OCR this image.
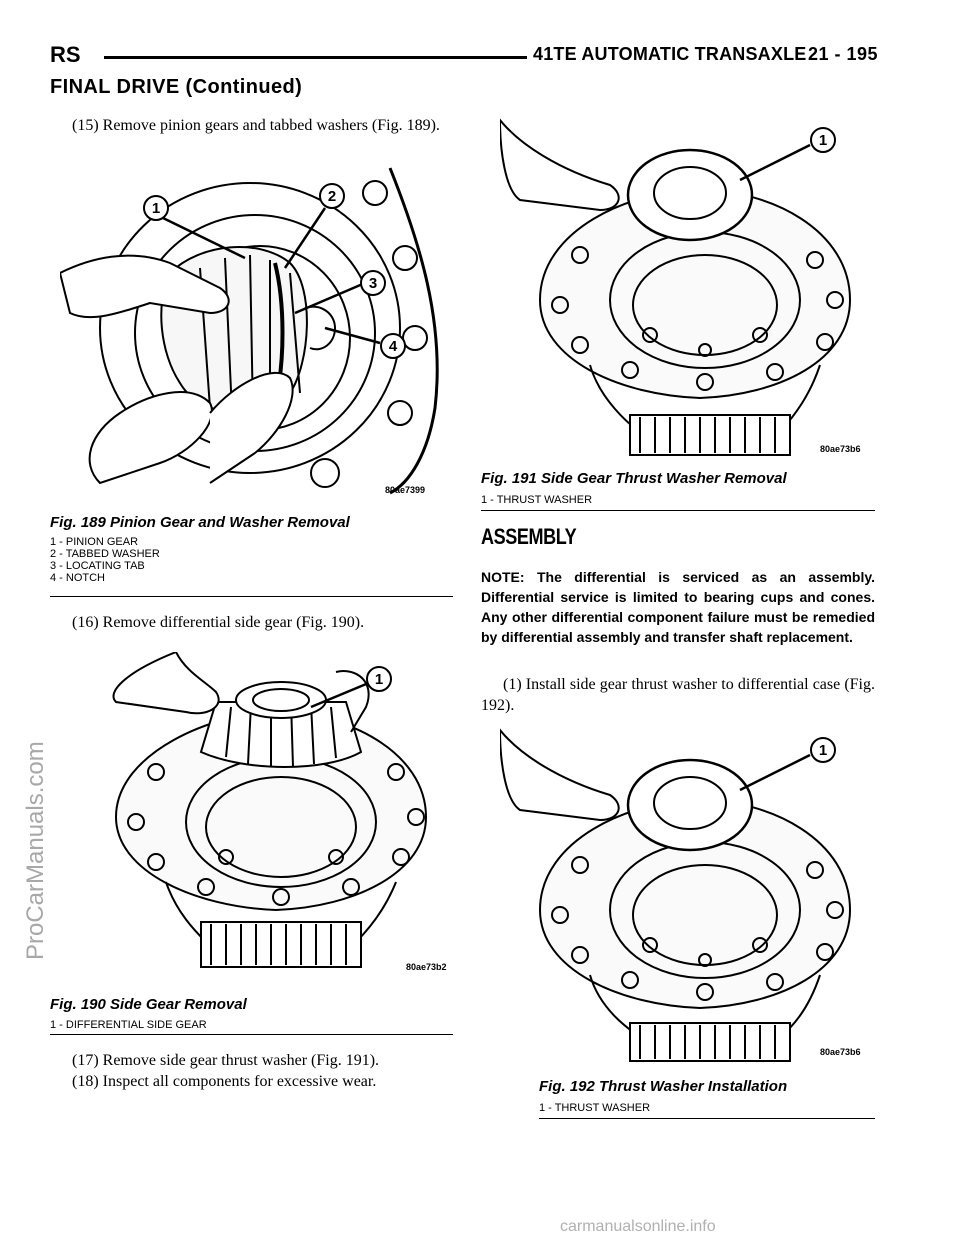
RS	41TE AUTOMATIC TRANSAXLE 21 - 195
FINAL DRIVE (Continued)

(15) Remove pinion gears and tabbed washers (Fig. 189).

1
2
3
4
80ae7399
Fig. 189 Pinion Gear and Washer Removal
1 - PINION GEAR
2 - TABBED WASHER
3 - LOCATING TAB
4 - NOTCH

(16) Remove differential side gear (Fig. 190).

1
80ae73b2
Fig. 190 Side Gear Removal
1 - DIFFERENTIAL SIDE GEAR

(17) Remove side gear thrust washer (Fig. 191).

(18) Inspect all components for excessive wear.

1
80ae73b6
Fig. 191 Side Gear Thrust Washer Removal
1 - THRUST WASHER
ASSEMBLY
NOTE: The differential is serviced as an assembly. Differential service is limited to bearing cups and cones. Any other differential component failure must be remedied by differential assembly and transfer shaft replacement.

(1) Install side gear thrust washer to differential case (Fig. 192).

1
80ae73b6
Fig. 192 Thrust Washer Installation
1 - THRUST WASHER
ProCarManuals.com
carmanualsonline.info
